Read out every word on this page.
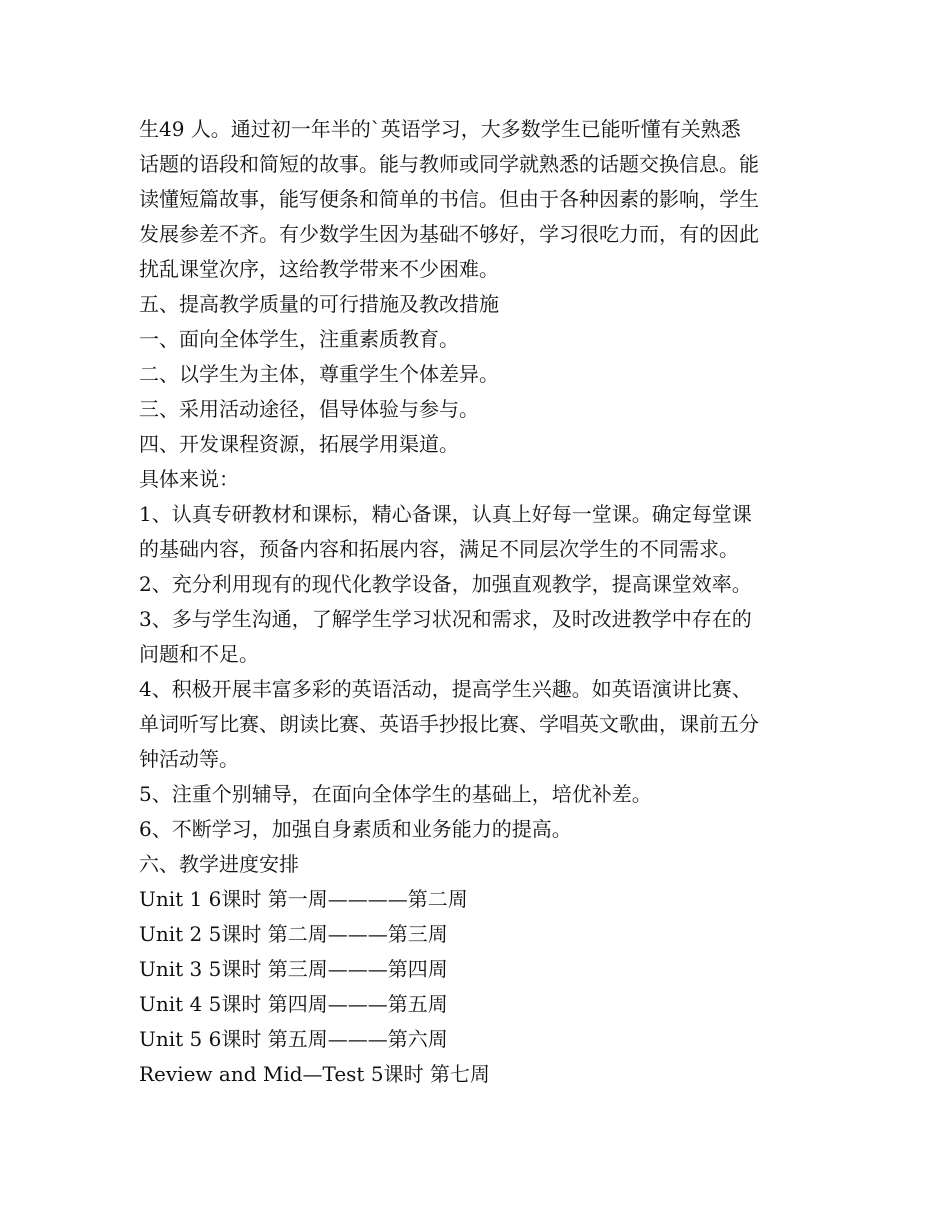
生49 人。通过初一年半的`英语学习，大多数学生已能听懂有关熟悉

话题的语段和简短的故事。能与教师或同学就熟悉的话题交换信息。能

读懂短篇故事，能写便条和简单的书信。但由于各种因素的影响，学生

发展参差不齐。有少数学生因为基础不够好，学习很吃力而，有的因此

扰乱课堂次序，这给教学带来不少困难。

五、提高教学质量的可行措施及教改措施

一、面向全体学生，注重素质教育。

二、以学生为主体，尊重学生个体差异。

三、采用活动途径，倡导体验与参与。

四、开发课程资源，拓展学用渠道。

具体来说：

1、认真专研教材和课标，精心备课，认真上好每一堂课。确定每堂课

的基础内容，预备内容和拓展内容，满足不同层次学生的不同需求。

2、充分利用现有的现代化教学设备，加强直观教学，提高课堂效率。

3、多与学生沟通，了解学生学习状况和需求，及时改进教学中存在的

问题和不足。

4、积极开展丰富多彩的英语活动，提高学生兴趣。如英语演讲比赛、

单词听写比赛、朗读比赛、英语手抄报比赛、学唱英文歌曲，课前五分

钟活动等。

5、注重个别辅导，在面向全体学生的基础上，培优补差。

6、不断学习，加强自身素质和业务能力的提高。

六、教学进度安排

Unit 1 6课时 第一周————第二周

Unit 2 5课时 第二周———第三周

Unit 3 5课时 第三周———第四周

Unit 4 5课时 第四周———第五周

Unit 5 6课时 第五周———第六周

Review and Mid—Test 5课时 第七周
